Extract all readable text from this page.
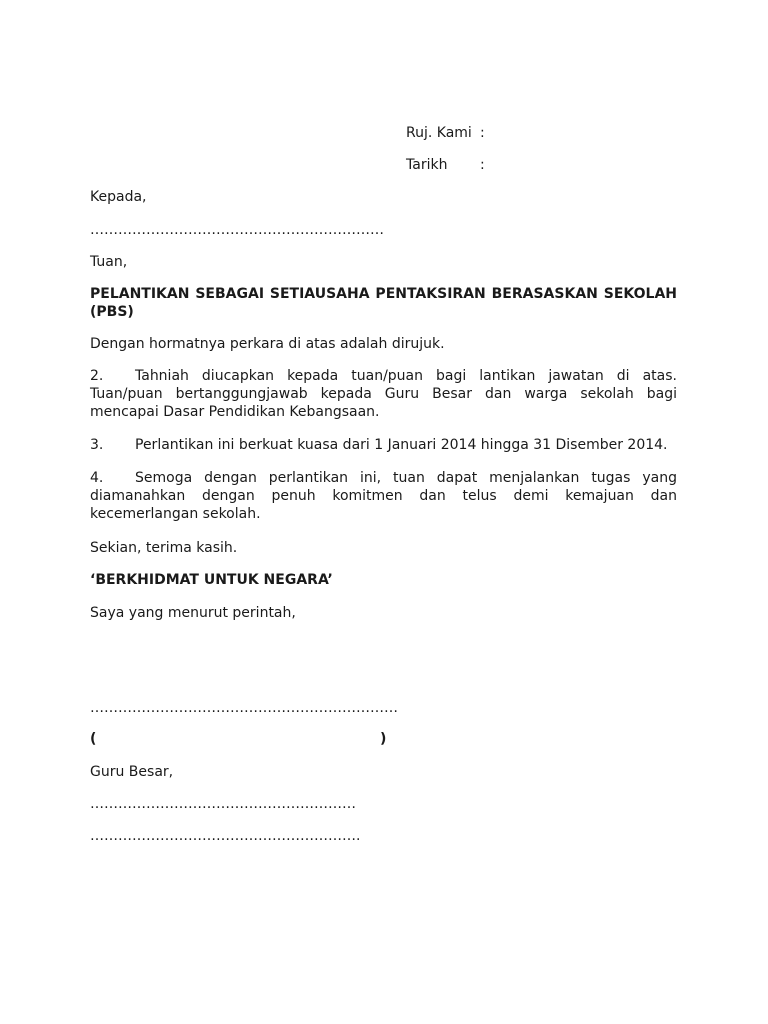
Ruj. Kami :
Tarikh	:
Kepada,
………………………………………………………
Tuan,
PELANTIKAN SEBAGAI SETIAUSAHA PENTAKSIRAN BERASASKAN SEKOLAH (PBS)
Dengan hormatnya perkara di atas adalah dirujuk.
2. Tahniah diucapkan kepada tuan/puan bagi lantikan jawatan di atas. Tuan/puan bertanggungjawab kepada Guru Besar dan warga sekolah bagi mencapai Dasar Pendidikan Kebangsaan.
3. Perlantikan ini berkuat kuasa dari 1 Januari 2014 hingga 31 Disember 2014.
4. Semoga dengan perlantikan ini, tuan dapat menjalankan tugas yang diamanahkan dengan penuh komitmen dan telus demi kemajuan dan kecemerlangan sekolah.
Sekian, terima kasih.
‘BERKHIDMAT UNTUK NEGARA’
Saya yang menurut perintah,
…………………………………………………………
(	)
Guru Besar,
…………………………………………………
………………………………………………….
